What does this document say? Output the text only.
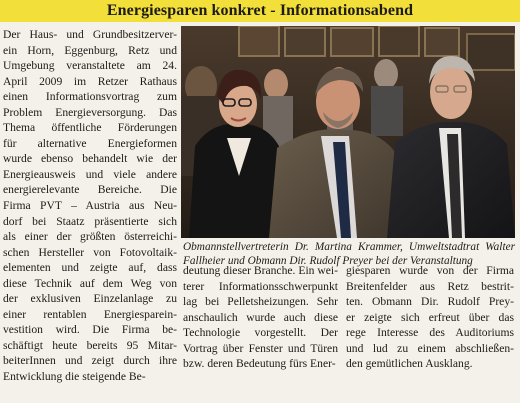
Energiesparen konkret - Informationsabend
Der Haus- und Grundbesitzerver-
ein Horn, Eggenburg, Retz und
Umgebung veranstaltete am 24.
April 2009 im Retzer Rathaus
einen Informationsvortrag zum
Problem Energieversorgung. Das
Thema öffentliche Förderungen
für alternative Energieformen
wurde ebenso behandelt wie der
Energieausweis und viele andere
energierelevante Bereiche. Die
Firma PVT – Austria aus Neu-
dorf bei Staatz präsentierte sich
als einer der größten österreichi-
schen Hersteller von Fotovoltaik-
elementen und zeigte auf, dass
diese Technik auf dem Weg von
der exklusiven Einzelanlage zu
einer rentablen Energiesparein-
vestition wird. Die Firma be-
schäftigt heute bereits 95 Mitar-
beiterInnen und zeigt durch ihre
Entwicklung die steigende Be-
Obmannstellvertreterin Dr. Martina Krammer, Umweltstadtrat Walter
Fallheier und Obmann Dir. Rudolf Preyer bei der Veranstaltung
deutung dieser Branche. Ein wei-
terer Informationsschwerpunkt
lag bei Pelletsheizungen. Sehr
anschaulich wurde auch diese
Technologie vorgestellt. Der
Vortrag über Fenster und Türen
bzw. deren Bedeutung fürs Ener-
giesparen wurde von der Firma
Breitenfelder aus Retz bestrit-
ten. Obmann Dir. Rudolf Prey-
er zeigte sich erfreut über das
rege Interesse des Auditoriums
und lud zu einem abschließen-
den gemütlichen Ausklang.
